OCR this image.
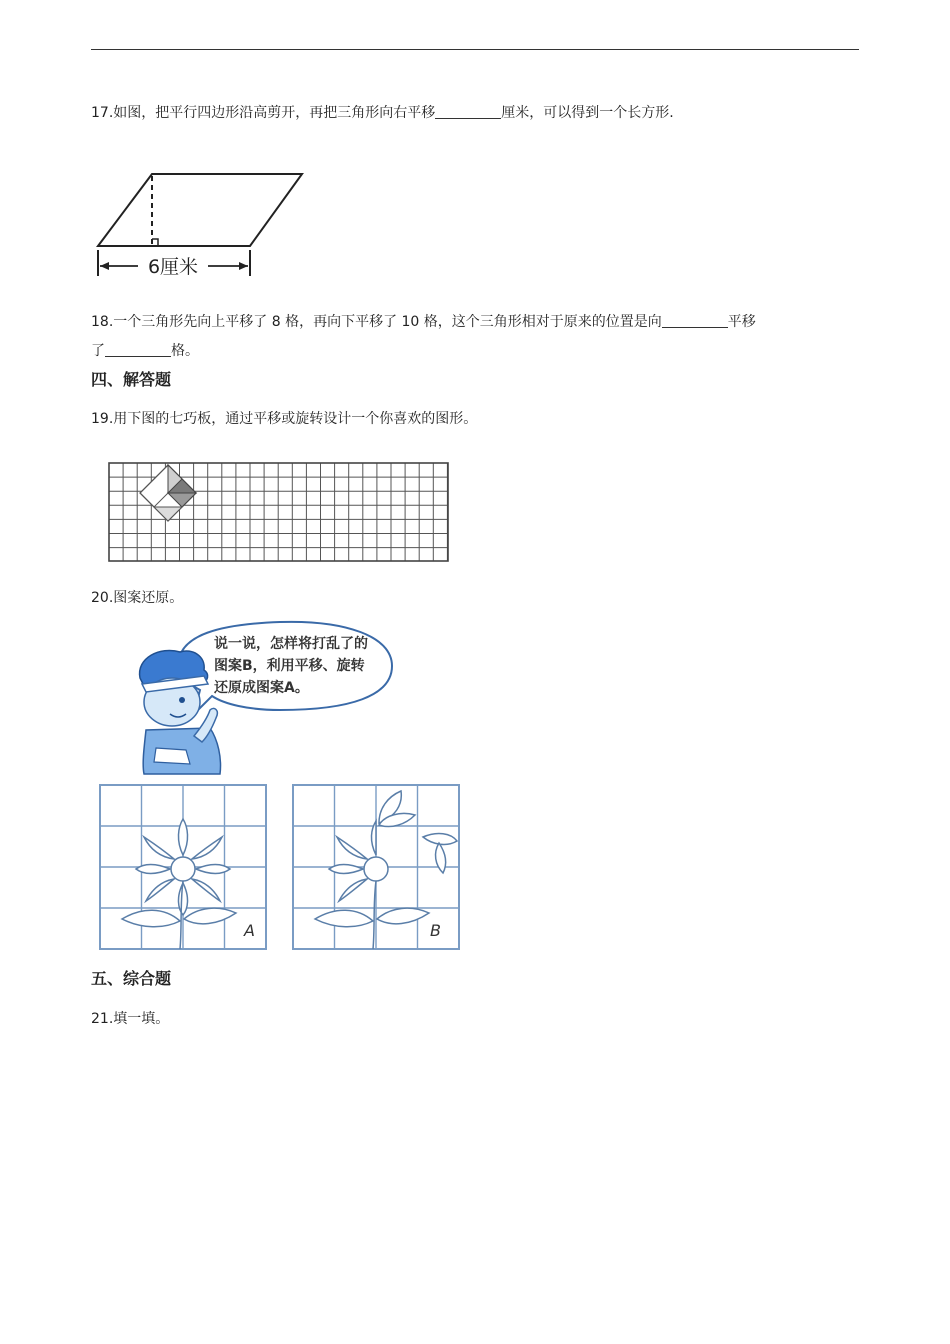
17.如图，把平行四边形沿高剪开，再把三角形向右平移	厘米，可以得到一个长方形.
6厘米
18.一个三角形先向上平移了 8 格，再向下平移了 10 格，这个三角形相对于原来的位置是向	平移
了	格。
四、解答题
19.用下图的七巧板，通过平移或旋转设计一个你喜欢的图形。
20.图案还原。
说一说，怎样将打乱了的
图案B，利用平移、旋转
还原成图案A。
A	B
五、综合题
21.填一填。
